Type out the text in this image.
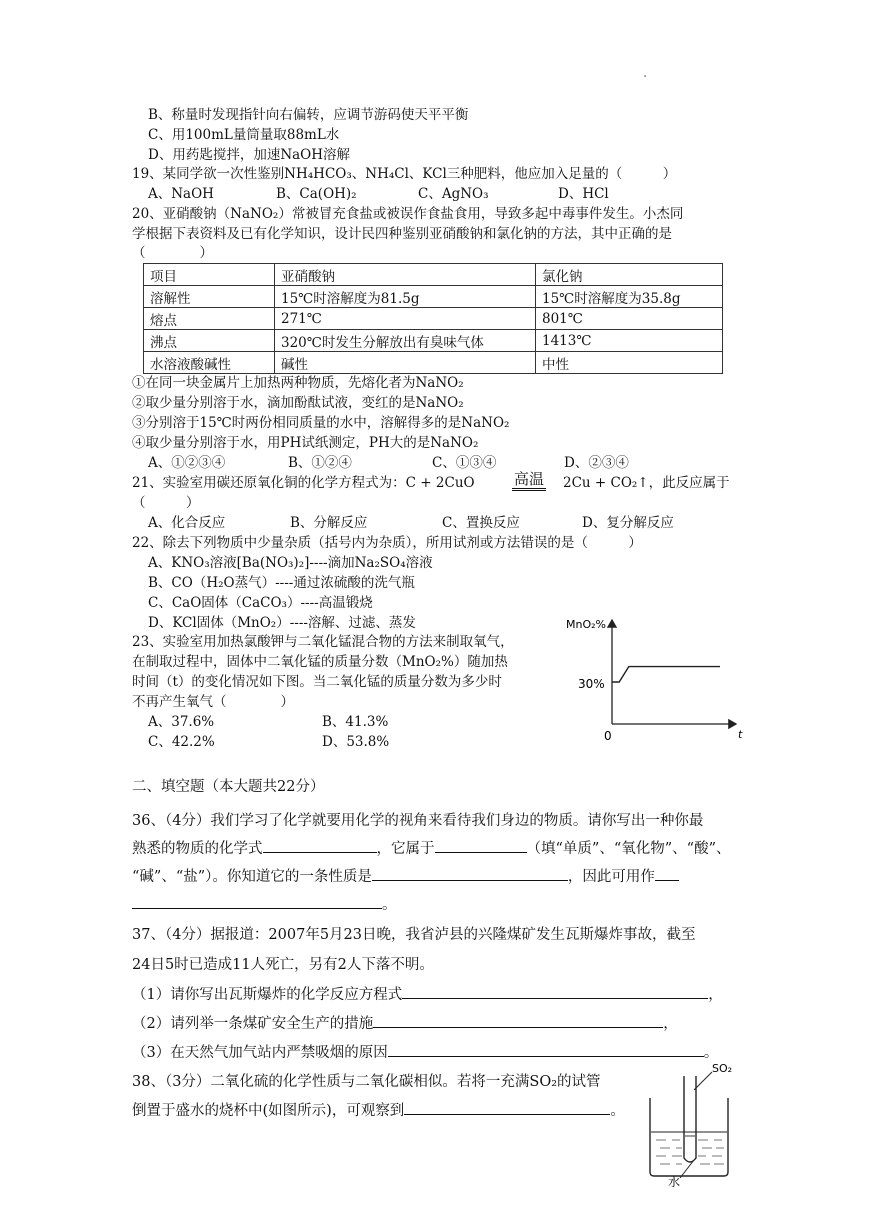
·
B、称量时发现指针向右偏转，应调节游码使天平平衡
C、用100mL量筒量取88mL水
D、用药匙搅拌，加速NaOH溶解
19、某同学欲一次性鉴别NH₄HCO₃、NH₄Cl、KCl三种肥料，他应加入足量的（　　　）
A、NaOH	B、Ca(OH)₂	C、AgNO₃	D、HCl
20、亚硝酸钠（NaNO₂）常被冒充食盐或被误作食盐食用，导致多起中毒事件发生。小杰同
学根据下表资料及已有化学知识，设计民四种鉴别亚硝酸钠和氯化钠的方法，其中正确的是
（　　　　）
项目	亚硝酸钠	氯化钠
溶解性	15℃时溶解度为81.5g	15℃时溶解度为35.8g
熔点	271℃	801℃
沸点	320℃时发生分解放出有臭味气体	1413℃
水溶液酸碱性	碱性	中性
①在同一块金属片上加热两种物质，先熔化者为NaNO₂
②取少量分别溶于水，滴加酚酞试液，变红的是NaNO₂
③分别溶于15℃时两份相同质量的水中，溶解得多的是NaNO₂
④取少量分别溶于水，用PH试纸测定，PH大的是NaNO₂
A、①②③④	B、①②④	C、①③④	D、②③④
21、实验室用碳还原氧化铜的化学方程式为：C + 2CuO	高温 2Cu + CO₂↑，此反应属于
（　　　）
A、化合反应	B、分解反应	C、置换反应	D、复分解反应
22、除去下列物质中少量杂质（括号内为杂质），所用试剂或方法错误的是（　　　）
A、KNO₃溶液[Ba(NO₃)₂]----滴加Na₂SO₄溶液
B、CO（H₂O蒸气）----通过浓硫酸的洗气瓶
C、CaO固体（CaCO₃）----高温锻烧
D、KCl固体（MnO₂）----溶解、过滤、蒸发
23、实验室用加热氯酸钾与二氧化锰混合物的方法来制取氧气，
在制取过程中，固体中二氧化锰的质量分数（MnO₂%）随加热
时间（t）的变化情况如下图。当二氧化锰的质量分数为多少时
不再产生氧气（　　　　）
A、37.6%	B、41.3%
C、42.2%	D、53.8%
MnO₂%
t
0
30%
二、填空题（本大题共22分）
36、（4分）我们学习了化学就要用化学的视角来看待我们身边的物质。请你写出一种你最
熟悉的物质的化学式	，它属于	（填“单质”、“氧化物”、“酸”、
“碱”、“盐”）。你知道它的一条性质是	，因此可用作
。
37、（4分）据报道：2007年5月23日晚，我省泸县的兴隆煤矿发生瓦斯爆炸事故，截至
24日5时已造成11人死亡，另有2人下落不明。
（1）请你写出瓦斯爆炸的化学反应方程式	，
（2）请列举一条煤矿安全生产的措施	，
（3）在天然气加气站内严禁吸烟的原因	。
38、（3分）二氧化硫的化学性质与二氧化碳相似。若将一充满SO₂的试管
倒置于盛水的烧杯中(如图所示)，可观察到	。
SO₂
水
